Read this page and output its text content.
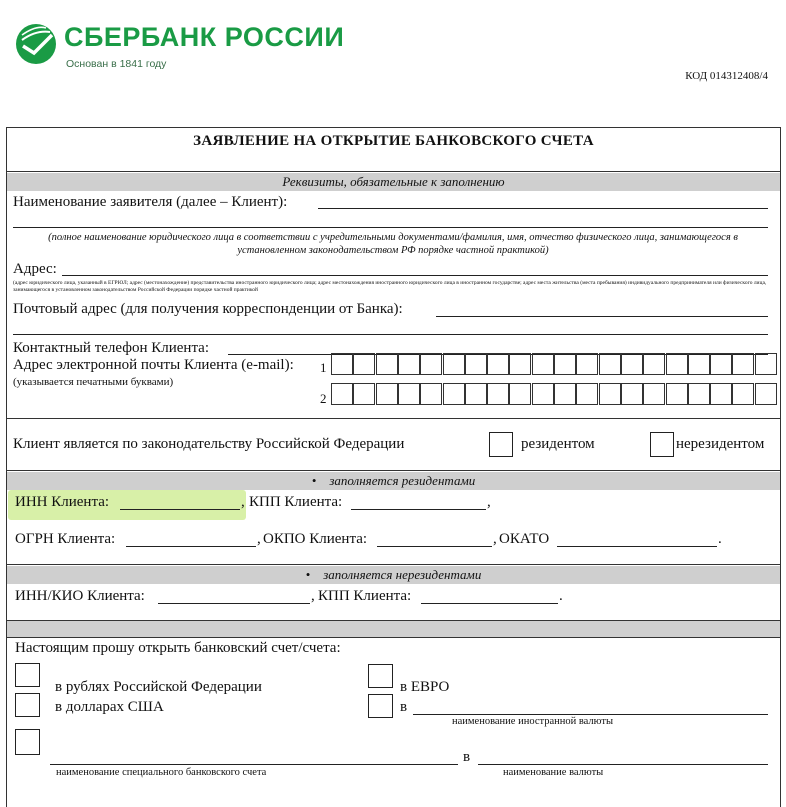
СБЕРБАНК РОССИИ
Основан в 1841 году
КОД 014312408/4
ЗАЯВЛЕНИЕ НА ОТКРЫТИЕ БАНКОВСКОГО СЧЕТА
Реквизиты, обязательные к заполнению
Наименование заявителя (далее – Клиент):
(полное наименование юридического лица в соответствии с учредительными документами/фамилия, имя, отчество физического лица, занимающегося в установленном законодательством РФ порядке частной практикой)
Адрес:
(адрес юридического лица, указанный в ЕГРЮЛ; адрес (местонахождение) представительства иностранного юридического лица; адрес местонахождения иностранного юридического лица в иностранном государстве; адрес места жительства (места пребывания) индивидуального предпринимателя или физического лица, занимающегося в установленном законодательством Российской Федерации порядке частной практикой
Почтовый адрес (для получения корреспонденции от Банка):
Контактный телефон Клиента:
Адрес электронной почты Клиента (e-mail):
(указывается печатными буквами)
1
2
Клиент является по законодательству Российской Федерации	резидентом	нерезидентом
•    заполняется резидентами
ИНН Клиента:	, КПП Клиента:	,
ОГРН Клиента:	, ОКПО Клиента:	, ОКАТО	.
•    заполняется нерезидентами
ИНН/КИО Клиента:	, КПП Клиента:	.
Настоящим прошу открыть банковский счет/счета:
в рублях Российской Федерации
в долларах США
в ЕВРО
в
наименование иностранной валюты
в
наименование специального банковского счета	наименование валюты
